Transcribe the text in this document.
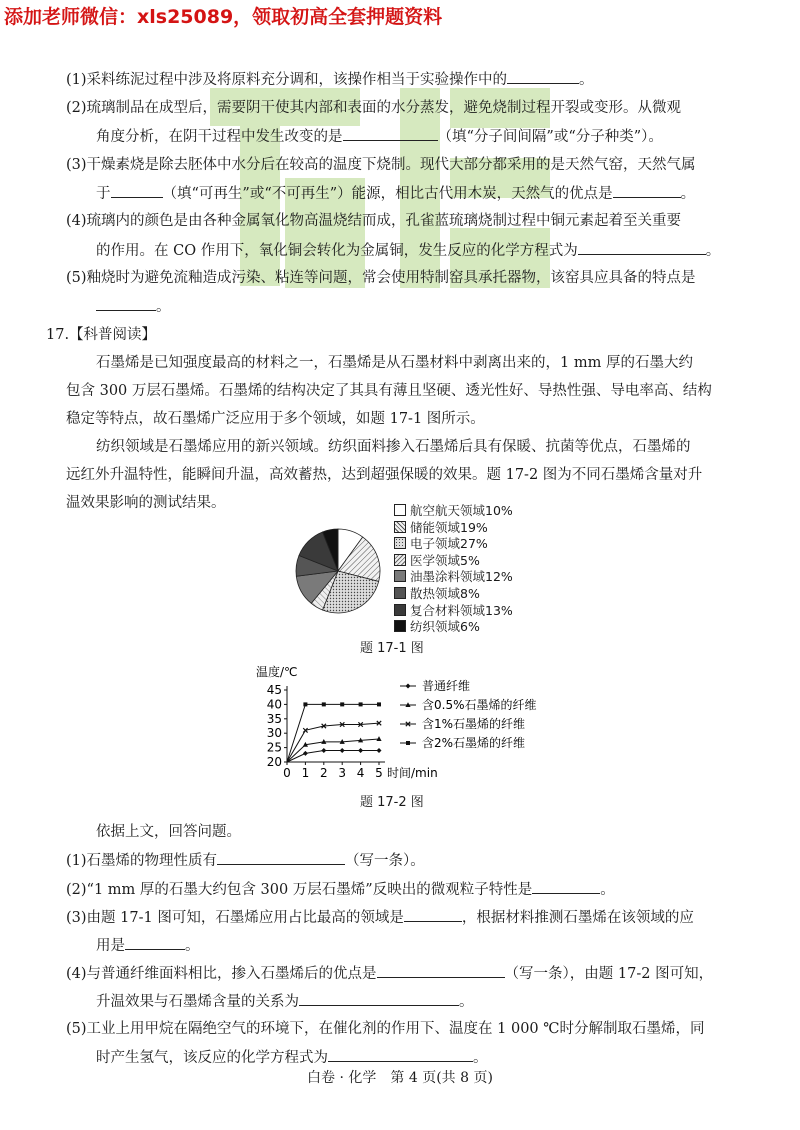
添加老师微信：xls25089，领取初高全套押题资料
(1)采料练泥过程中涉及将原料充分调和，该操作相当于实验操作中的	。
(2)琉璃制品在成型后，需要阴干使其内部和表面的水分蒸发，避免烧制过程开裂或变形。从微观
角度分析，在阴干过程中发生改变的是	（填“分子间间隔”或“分子种类”）。
(3)干燥素烧是除去胚体中水分后在较高的温度下烧制。现代大部分都采用的是天然气窑，天然气属
于	（填“可再生”或“不可再生”）能源，相比古代用木炭，天然气的优点是	。
(4)琉璃内的颜色是由各种金属氧化物高温烧结而成，孔雀蓝琉璃烧制过程中铜元素起着至关重要
的作用。在 CO 作用下，氧化铜会转化为金属铜，发生反应的化学方程式为	。
(5)釉烧时为避免流釉造成污染、粘连等问题，常会使用特制窑具承托器物，该窑具应具备的特点是
。
17.【科普阅读】
石墨烯是已知强度最高的材料之一，石墨烯是从石墨材料中剥离出来的，1 mm 厚的石墨大约
包含 300 万层石墨烯。石墨烯的结构决定了其具有薄且坚硬、透光性好、导热性强、导电率高、结构
稳定等特点，故石墨烯广泛应用于多个领域，如题 17-1 图所示。
纺织领域是石墨烯应用的新兴领域。纺织面料掺入石墨烯后具有保暖、抗菌等优点，石墨烯的
远红外升温特性，能瞬间升温，高效蓄热，达到超强保暖的效果。题 17-2 图为不同石墨烯含量对升
温效果影响的测试结果。	航空航天领域10%
储能领域19%
电子领域27%
医学领域5%
油墨涂料领域12%
散热领域8%
复合材料领域13%
纺织领域6%
题 17-1 图
温度/℃
20
25
30
35
40
45
0 1 2 3 4 5 时间/min
普通纤维
含0.5%石墨烯的纤维
含1%石墨烯的纤维
含2%石墨烯的纤维
题 17-2 图
依据上文，回答问题。
(1)石墨烯的物理性质有	（写一条）。
(2)“1 mm 厚的石墨大约包含 300 万层石墨烯”反映出的微观粒子特性是	。
(3)由题 17-1 图可知，石墨烯应用占比最高的领域是	，根据材料推测石墨烯在该领域的应
用是	。
(4)与普通纤维面料相比，掺入石墨烯后的优点是	（写一条），由题 17-2 图可知，
升温效果与石墨烯含量的关系为	。
(5)工业上用甲烷在隔绝空气的环境下，在催化剂的作用下、温度在 1 000 ℃时分解制取石墨烯，同
时产生氢气，该反应的化学方程式为	。
白卷 · 化学　第 4 页(共 8 页)
